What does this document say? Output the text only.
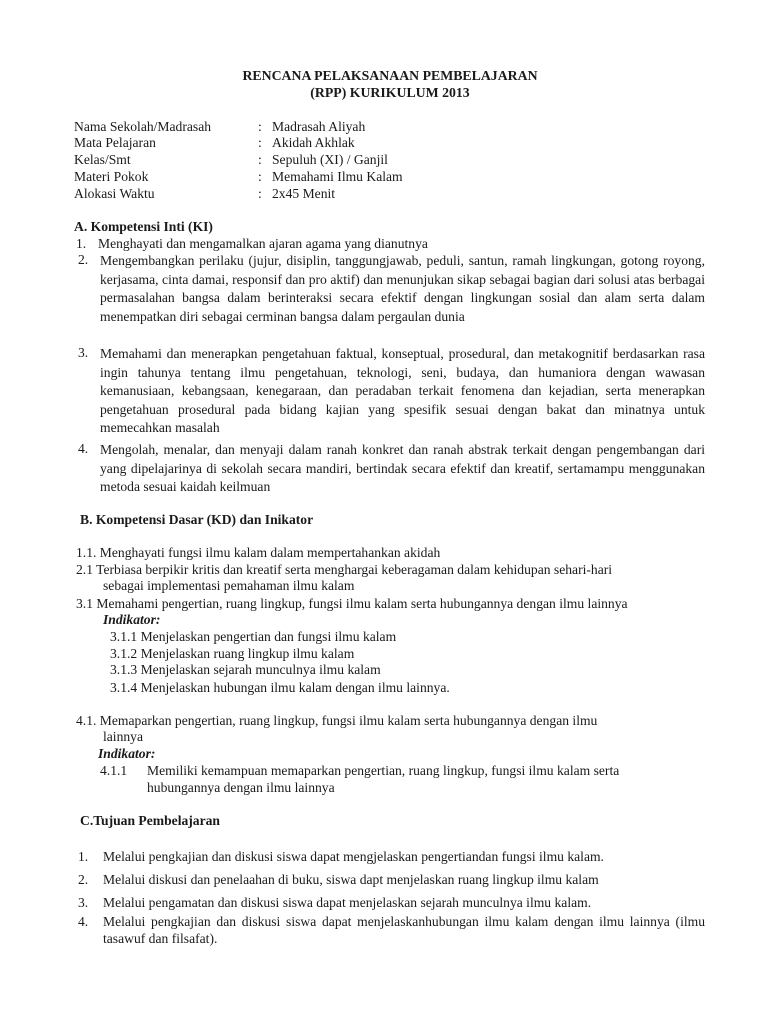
RENCANA PELAKSANAAN PEMBELAJARAN
(RPP) KURIKULUM 2013
Nama Sekolah/Madrasah	: Madrasah Aliyah
Mata Pelajaran	: Akidah Akhlak
Kelas/Smt	: Sepuluh (XI) / Ganjil
Materi Pokok	: Memahami Ilmu Kalam
Alokasi Waktu	: 2x45 Menit
A. Kompetensi Inti (KI)
1. Menghayati dan mengamalkan ajaran agama yang dianutnya
2. Mengembangkan perilaku (jujur, disiplin, tanggungjawab, peduli, santun, ramah lingkungan, gotong royong, kerjasama, cinta damai, responsif dan pro aktif) dan menunjukan sikap sebagai bagian dari solusi atas berbagai permasalahan bangsa dalam berinteraksi secara efektif dengan lingkungan sosial dan alam serta dalam menempatkan diri sebagai cerminan bangsa dalam pergaulan dunia
3. Memahami dan menerapkan pengetahuan faktual, konseptual, prosedural, dan metakognitif berdasarkan rasa ingin tahunya tentang ilmu pengetahuan, teknologi, seni, budaya, dan humaniora dengan wawasan kemanusiaan, kebangsaan, kenegaraan, dan peradaban terkait fenomena dan kejadian, serta menerapkan pengetahuan prosedural pada bidang kajian yang spesifik sesuai dengan bakat dan minatnya untuk memecahkan masalah
4. Mengolah, menalar, dan menyaji dalam ranah konkret dan ranah abstrak terkait dengan pengembangan dari yang dipelajarinya di sekolah secara mandiri, bertindak secara efektif dan kreatif, sertamampu menggunakan metoda sesuai kaidah keilmuan
B. Kompetensi Dasar (KD) dan Inikator
1.1. Menghayati fungsi ilmu kalam dalam mempertahankan akidah
2.1 Terbiasa berpikir kritis dan kreatif serta menghargai keberagaman dalam kehidupan sehari-hari
sebagai implementasi pemahaman ilmu kalam
3.1 Memahami pengertian, ruang lingkup, fungsi ilmu kalam serta hubungannya dengan ilmu lainnya
Indikator:
3.1.1 Menjelaskan pengertian dan fungsi ilmu kalam
3.1.2 Menjelaskan ruang lingkup ilmu kalam
3.1.3 Menjelaskan sejarah munculnya ilmu kalam
3.1.4 Menjelaskan hubungan ilmu kalam dengan ilmu lainnya.
4.1. Memaparkan pengertian, ruang lingkup, fungsi ilmu kalam serta hubungannya dengan ilmu
lainnya
Indikator:
4.1.1 Memiliki kemampuan memaparkan pengertian, ruang lingkup, fungsi ilmu kalam serta
hubungannya dengan ilmu lainnya
C.Tujuan Pembelajaran
1. Melalui pengkajian dan diskusi siswa dapat mengjelaskan pengertiandan fungsi ilmu kalam.
2. Melalui diskusi dan penelaahan di buku, siswa dapt menjelaskan ruang lingkup ilmu kalam
3. Melalui pengamatan dan diskusi siswa dapat menjelaskan sejarah munculnya ilmu kalam.
4. Melalui pengkajian dan diskusi siswa dapat menjelaskanhubungan ilmu kalam dengan ilmu lainnya (ilmu tasawuf dan filsafat).
